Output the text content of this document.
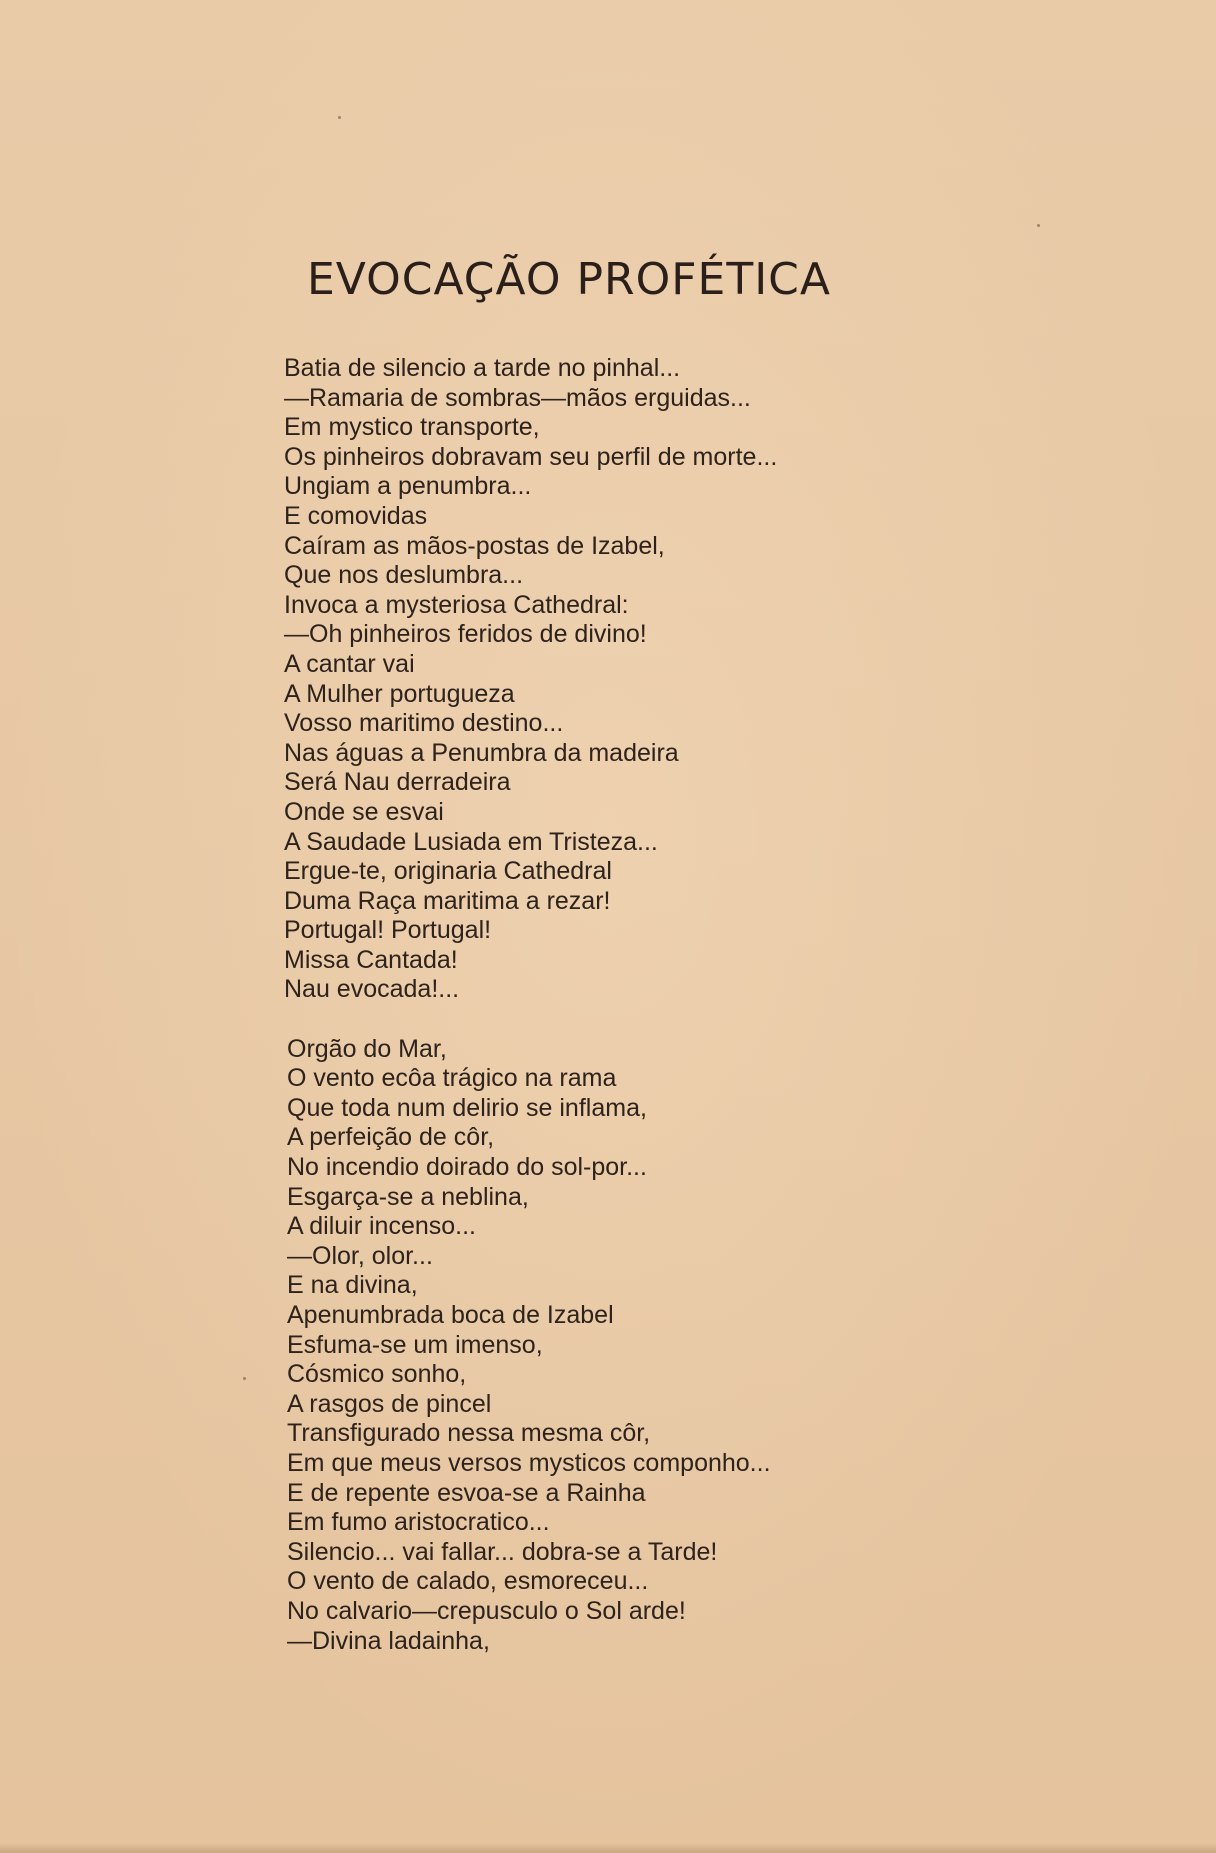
EVOCAÇÃO PROFÉTICA
Batia de silencio a tarde no pinhal...
—Ramaria de sombras—mãos erguidas...
Em mystico transporte,
Os pinheiros dobravam seu perfil de morte...
Ungiam a penumbra...
E comovidas
Caíram as mãos-postas de Izabel,
Que nos deslumbra...
Invoca a mysteriosa Cathedral:
—Oh pinheiros feridos de divino!
A cantar vai
A Mulher portugueza
Vosso maritimo destino...
Nas águas a Penumbra da madeira
Será Nau derradeira
Onde se esvai
A Saudade Lusiada em Tristeza...
Ergue-te, originaria Cathedral
Duma Raça maritima a rezar!
Portugal! Portugal!
Missa Cantada!
Nau evocada!...
Orgão do Mar,
O vento ecôa trágico na rama
Que toda num delirio se inflama,
A perfeição de côr,
No incendio doirado do sol-por...
Esgarça-se a neblina,
A diluir incenso...
—Olor, olor...
E na divina,
Apenumbrada boca de Izabel
Esfuma-se um imenso,
Cósmico sonho,
A rasgos de pincel
Transfigurado nessa mesma côr,
Em que meus versos mysticos componho...
E de repente esvoa-se a Rainha
Em fumo aristocratico...
Silencio... vai fallar... dobra-se a Tarde!
O vento de calado, esmoreceu...
No calvario—crepusculo o Sol arde!
—Divina ladainha,
